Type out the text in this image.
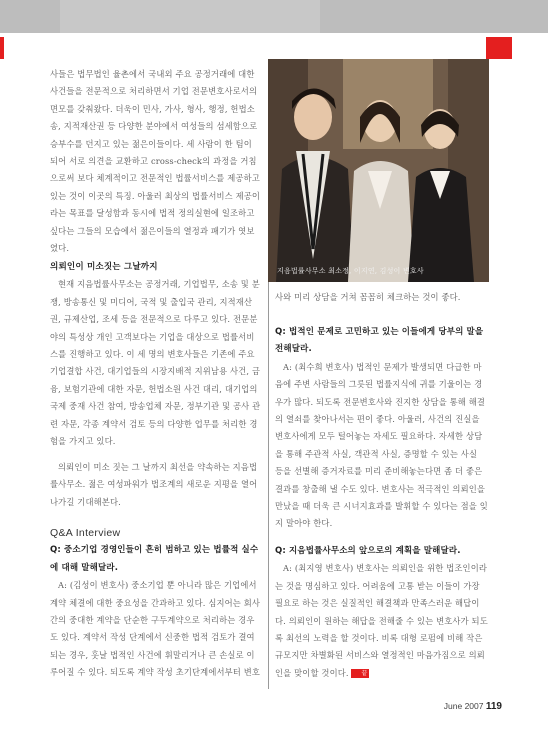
사들은 법무법인 율촌에서 국내외 주요 공정거래에 대한 사건들을 전문적으로 처리하면서 기업 전문변호사로서의 면모를 갖춰왔다. 더욱이 민사, 가사, 형사, 행정, 헌법소송, 지적재산권 등 다양한 분야에서 여성들의 섬세함으로 승부수를 던지고 있는 젊은이들이다. 세 사람이 한 팀이 되어 서로 의견을 교환하고 cross-check의 과정을 거침으로써 보다 체계적이고 전문적인 법률서비스를 제공하고 있는 것이 이곳의 특징. 아울러 최상의 법률서비스 제공이라는 목표를 달성함과 동시에 법적 정의실현에 일조하고 싶다는 그들의 모습에서 젊은이들의 열정과 패기가 엿보였다.

의뢰인이 미소짓는 그날까지

현재 지음법률사무소는 공정거래, 기업법무, 소송 및 분쟁, 방송통신 및 미디어, 국적 및 출입국 관리, 지적재산권, 규제산업, 조세 등을 전문적으로 다루고 있다. 전문분야의 특성상 개인 고객보다는 기업을 대상으로 법률서비스를 진행하고 있다. 이 세 명의 변호사들은 기존에 주요 기업결합 사건, 대기업들의 시장지배적 지위남용 사건, 금융, 보험기관에 대한 자문, 헌법소원 사건 대리, 대기업의 국제 중재 사건 참여, 방송업체 자문, 정부기관 및 공사 관련 자문, 각종 계약서 검토 등의 다양한 업무를 처리한 경험을 가지고 있다.

의뢰인이 미소 짓는 그 날까지 최선을 약속하는 지음법률사무소. 젊은 여성파워가 법조계의 새로운 지평을 열어나가길 기대해본다.

Q&A Interview

Q: 중소기업 경영인들이 흔히 범하고 있는 법률적 실수에 대해 말해달라.

A: (김성이 변호사) 중소기업 뿐 아니라 많은 기업에서 계약 체결에 대한 중요성을 간과하고 있다. 심지어는 회사간의 중대한 계약을 단순한 구두계약으로 처리하는 경우도 있다. 계약서 작성 단계에서 신중한 법적 검토가 결여되는 경우, 훗날 법적인 사건에 휘말리거나 큰 손실로 이루어질 수 있다. 되도록 계약 작성 초기단계에서부터 변호

지음법률사무소 최소정, 이지연, 김성이 변호사

사와 미리 상담을 거쳐 꼼꼼히 체크하는 것이 좋다.

Q: 법적인 문제로 고민하고 있는 이들에게 당부의 말을 전해달라.

A: (최수희 변호사) 법적인 문제가 발생되면 다급한 마음에 주변 사람들의 그릇된 법률지식에 귀를 기울이는 경우가 많다. 되도록 전문변호사와 진지한 상담을 통해 해결의 열쇠를 찾아나서는 편이 좋다. 아울러, 사건의 진실을 변호사에게 모두 털어놓는 자세도 필요하다. 자세한 상담을 통해 주관적 사실, 객관적 사실, 증명할 수 있는 사실 등을 선별해 증거자료를 미리 준비해놓는다면 좀 더 좋은 결과를 창출해 낼 수도 있다. 변호사는 적극적인 의뢰인을 만났을 때 더욱 큰 시너지효과를 발휘할 수 있다는 점을 잊지 말아야 한다.

Q: 지음법률사무소의 앞으로의 계획을 말해달라.

A: (최지영 변호사) 변호사는 의뢰인을 위한 법조인이라는 것을 명심하고 있다. 어려움에 고통 받는 이들이 가장 필요로 하는 것은 실질적인 해결책과 만족스러운 해답이다. 의뢰인이 원하는 해답을 전해줄 수 있는 변호사가 되도록 최선의 노력을 할 것이다. 비록 대형 로펌에 비해 작은 규모지만 차별화된 서비스와 열정적인 마음가짐으로 의뢰인을 맞이할 것이다. 끝

June 2007 119
